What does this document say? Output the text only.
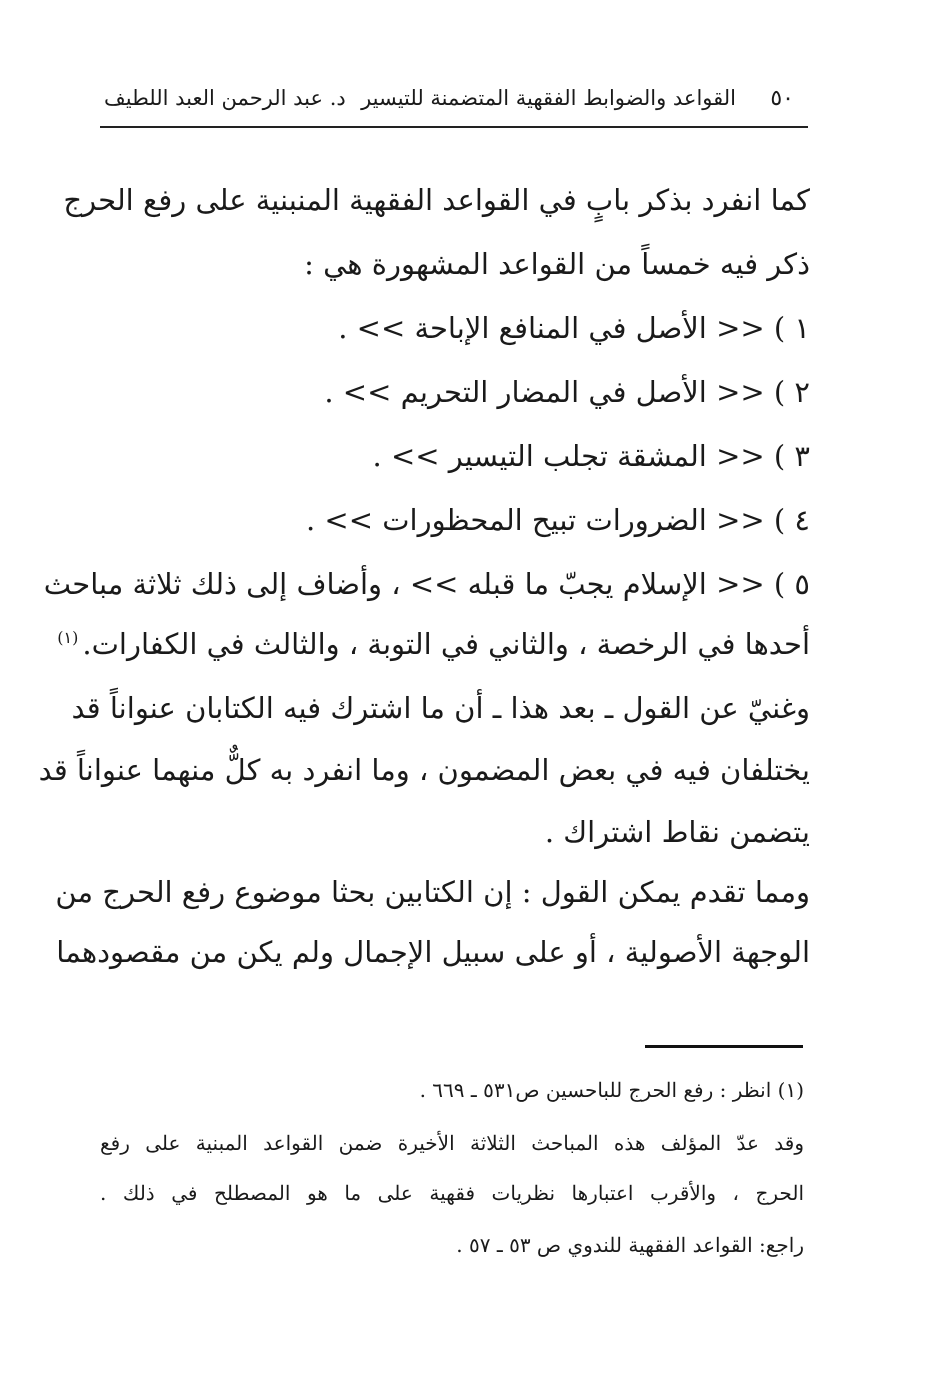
٥٠
القواعد والضوابط الفقهية المتضمنة للتيسير
د. عبد الرحمن العبد اللطيف
كما انفرد بذكر بابٍ في القواعد الفقهية المنبنية على رفع الحرج
ذكر فيه خمساً من القواعد المشهورة هي :
١ ) << الأصل في المنافع الإباحة >> .
٢ ) << الأصل في المضار التحريم >> .
٣ ) << المشقة تجلب التيسير >> .
٤ ) << الضرورات تبيح المحظورات >> .
٥ ) << الإسلام يجبّ ما قبله >> ، وأضاف إلى ذلك ثلاثة مباحث
أحدها في الرخصة ، والثاني في التوبة ، والثالث في الكفارات.$^{(١)}$
وغنيّ عن القول ـ بعد هذا ـ أن ما اشترك فيه الكتابان عنواناً قد
يختلفان فيه في بعض المضمون ، وما انفرد به كلٌّ منهما عنواناً قد
يتضمن نقاط اشتراك .
ومما تقدم يمكن القول : إن الكتابين بحثا موضوع رفع الحرج من
الوجهة الأصولية ، أو على سبيل الإجمال ولم يكن من مقصودهما
(١) انظر : رفع الحرج للباحسين ص٥٣١ ـ ٦٦٩ .
وقد عدّ المؤلف هذه المباحث الثلاثة الأخيرة ضمن القواعد المبنية على رفع
الحرج ، والأقرب اعتبارها نظريات فقهية على ما هو المصطلح في ذلك .
راجع: القواعد الفقهية للندوي ص ٥٣ ـ ٥٧ .
